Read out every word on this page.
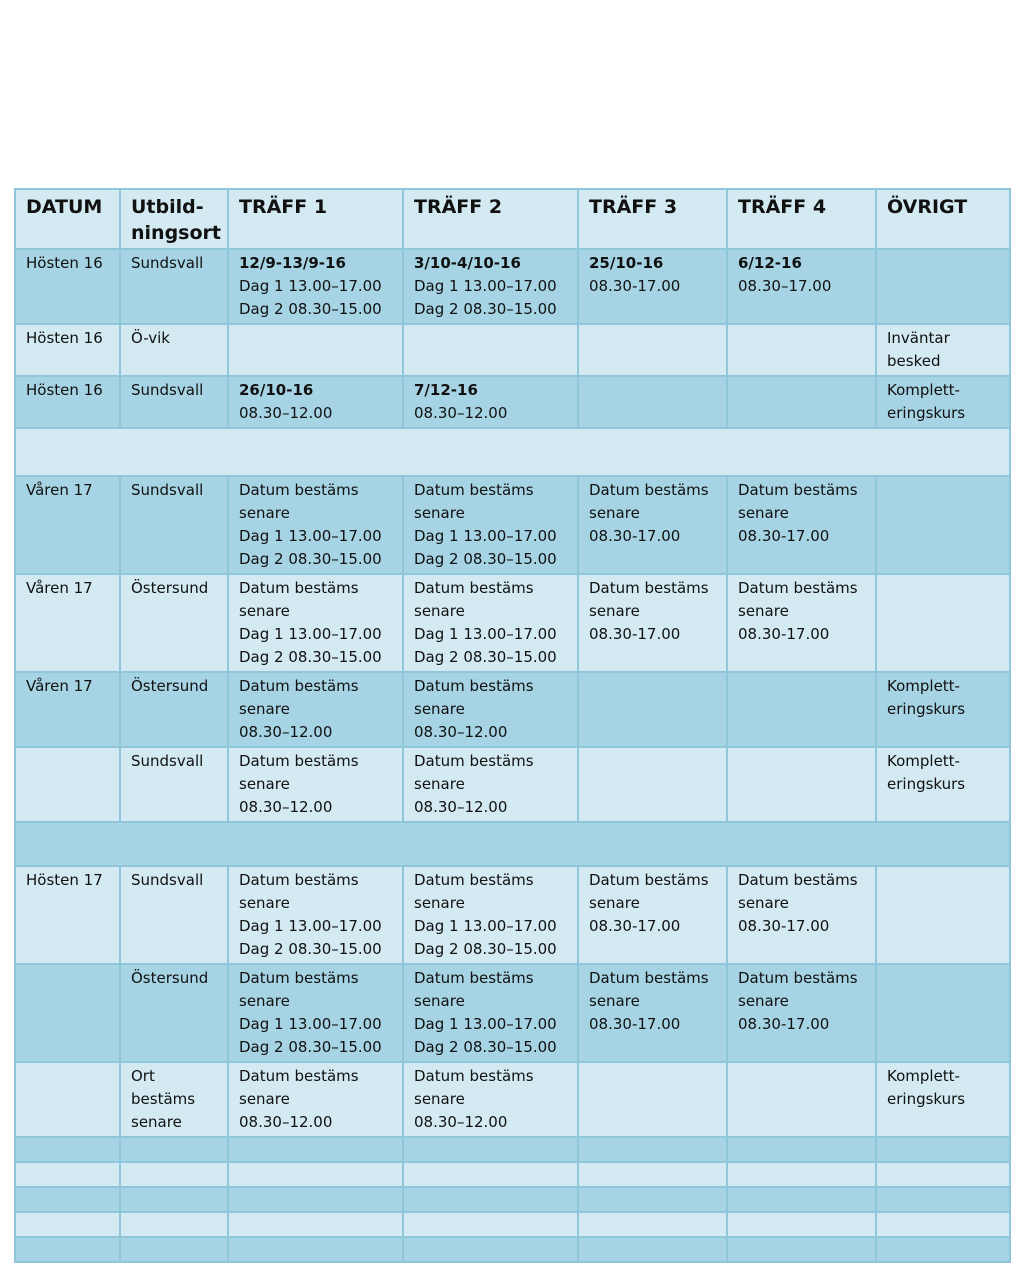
DATUM	Utbild-
ningsort	TRÄFF 1	TRÄFF 2	TRÄFF 3	TRÄFF 4	ÖVRIGT
Hösten 16	Sundsvall	12/9-13/9-16
Dag 1 13.00–17.00
Dag 2 08.30–15.00	3/10-4/10-16
Dag 1 13.00–17.00
Dag 2 08.30–15.00	25/10-16
08.30-17.00	6/12-16
08.30–17.00	

Hösten 16	Ö-vik					Inväntar
besked
Hösten 16	Sundsvall	26/10-16
08.30–12.00	7/12-16
08.30–12.00			Komplett-
eringskurs

Våren 17	Sundsvall	Datum bestäms
senare
Dag 1 13.00–17.00
Dag 2 08.30–15.00	Datum bestäms
senare
Dag 1 13.00–17.00
Dag 2 08.30–15.00	Datum bestäms
senare
08.30-17.00	Datum bestäms
senare
08.30-17.00	
Våren 17	Östersund	Datum bestäms
senare
Dag 1 13.00–17.00
Dag 2 08.30–15.00	Datum bestäms
senare
Dag 1 13.00–17.00
Dag 2 08.30–15.00	Datum bestäms
senare
08.30-17.00	Datum bestäms
senare
08.30-17.00	
Våren 17	Östersund	Datum bestäms
senare
08.30–12.00	Datum bestäms
senare
08.30–12.00			Komplett-
eringskurs
	Sundsvall	Datum bestäms
senare
08.30–12.00	Datum bestäms
senare
08.30–12.00			Komplett-
eringskurs

Hösten 17	Sundsvall	Datum bestäms
senare
Dag 1 13.00–17.00
Dag 2 08.30–15.00	Datum bestäms
senare
Dag 1 13.00–17.00
Dag 2 08.30–15.00	Datum bestäms
senare
08.30-17.00	Datum bestäms
senare
08.30-17.00	
	Östersund	Datum bestäms
senare
Dag 1 13.00–17.00
Dag 2 08.30–15.00	Datum bestäms
senare
Dag 1 13.00–17.00
Dag 2 08.30–15.00	Datum bestäms
senare
08.30-17.00	Datum bestäms
senare
08.30-17.00	
	Ort
bestäms
senare	Datum bestäms
senare
08.30–12.00	Datum bestäms
senare
08.30–12.00			Komplett-
eringskurs
